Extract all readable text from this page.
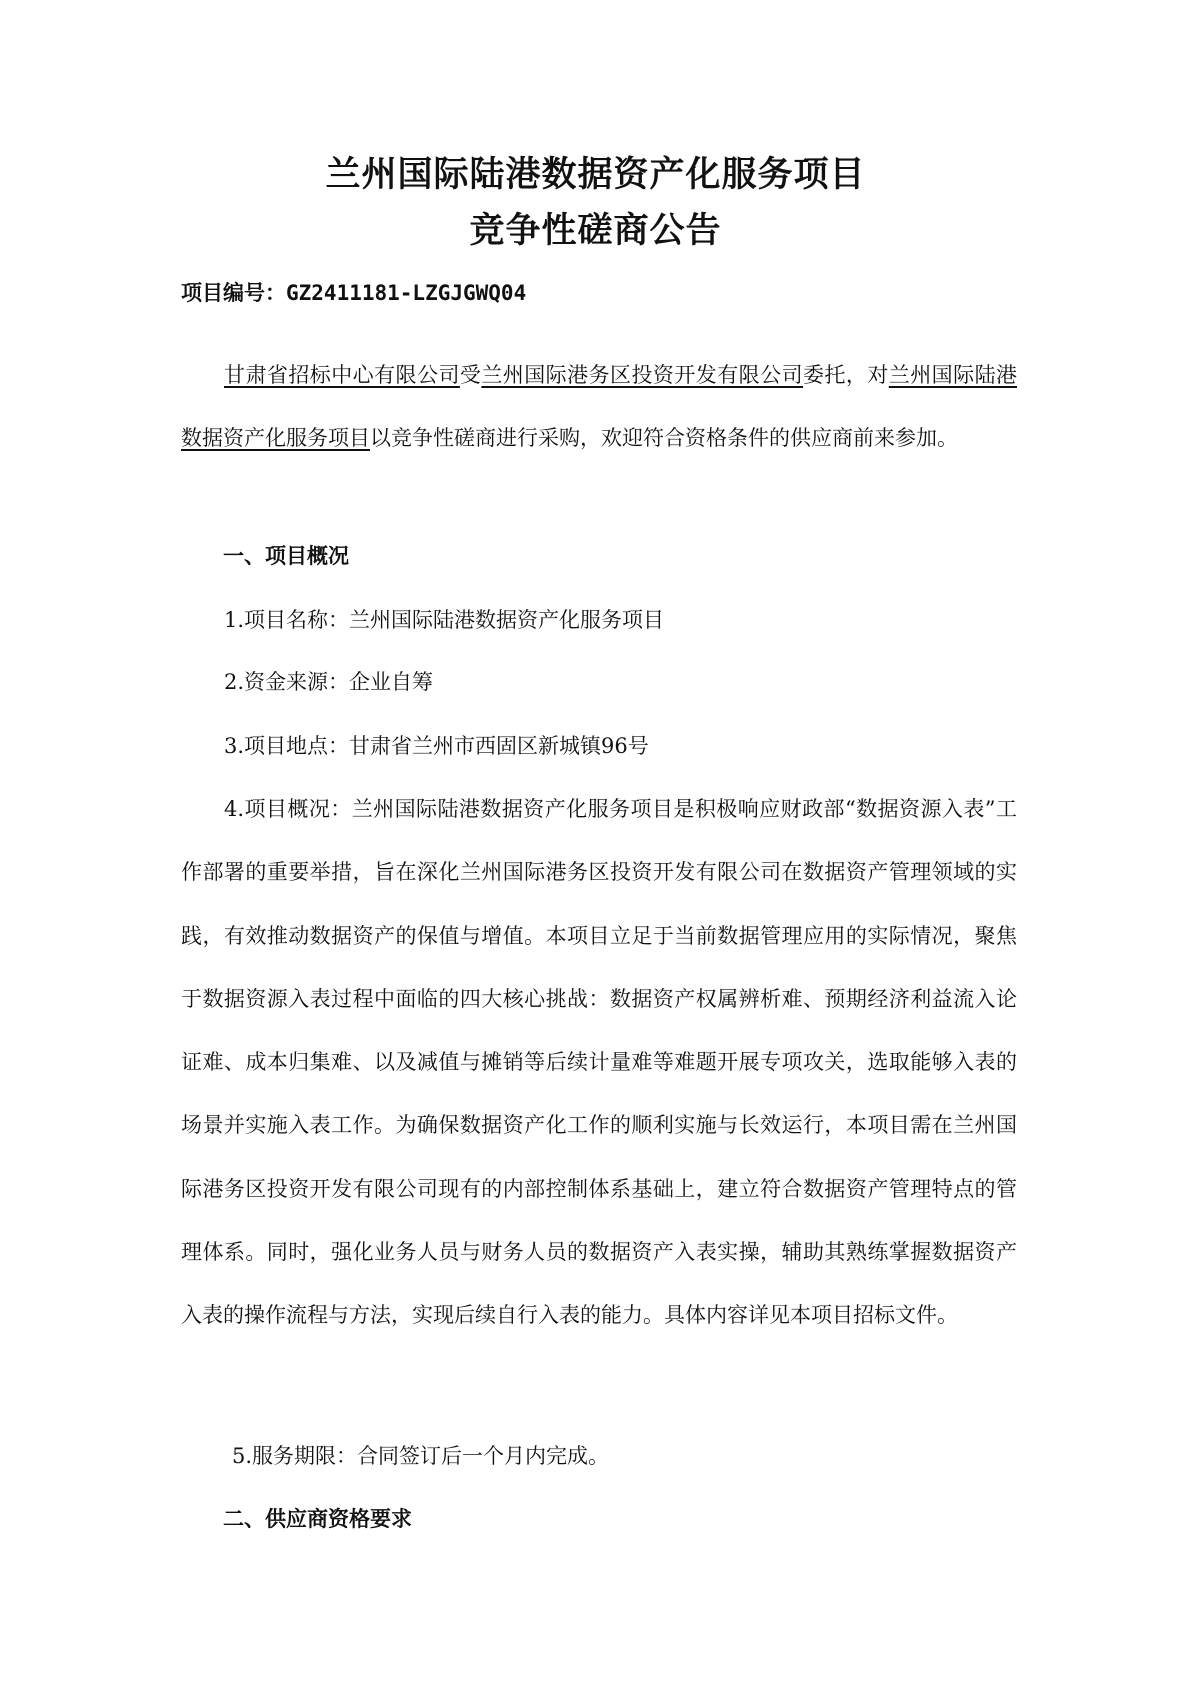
兰州国际陆港数据资产化服务项目
竞争性磋商公告
项目编号：GZ2411181-LZGJGWQ04

甘肃省招标中心有限公司受兰州国际港务区投资开发有限公司委托，对兰州国际陆港数据资产化服务项目以竞争性磋商进行采购，欢迎符合资格条件的供应商前来参加。

一、项目概况

1.项目名称：兰州国际陆港数据资产化服务项目

2.资金来源：企业自筹

3.项目地点：甘肃省兰州市西固区新城镇96号

4.项目概况：兰州国际陆港数据资产化服务项目是积极响应财政部“数据资源入表”工作部署的重要举措，旨在深化兰州国际港务区投资开发有限公司在数据资产管理领域的实践，有效推动数据资产的保值与增值。本项目立足于当前数据管理应用的实际情况，聚焦于数据资源入表过程中面临的四大核心挑战：数据资产权属辨析难、预期经济利益流入论证难、成本归集难、以及减值与摊销等后续计量难等难题开展专项攻关，选取能够入表的场景并实施入表工作。为确保数据资产化工作的顺利实施与长效运行，本项目需在兰州国际港务区投资开发有限公司现有的内部控制体系基础上，建立符合数据资产管理特点的管理体系。同时，强化业务人员与财务人员的数据资产入表实操，辅助其熟练掌握数据资产入表的操作流程与方法，实现后续自行入表的能力。具体内容详见本项目招标文件。

5.服务期限：合同签订后一个月内完成。

二、供应商资格要求
